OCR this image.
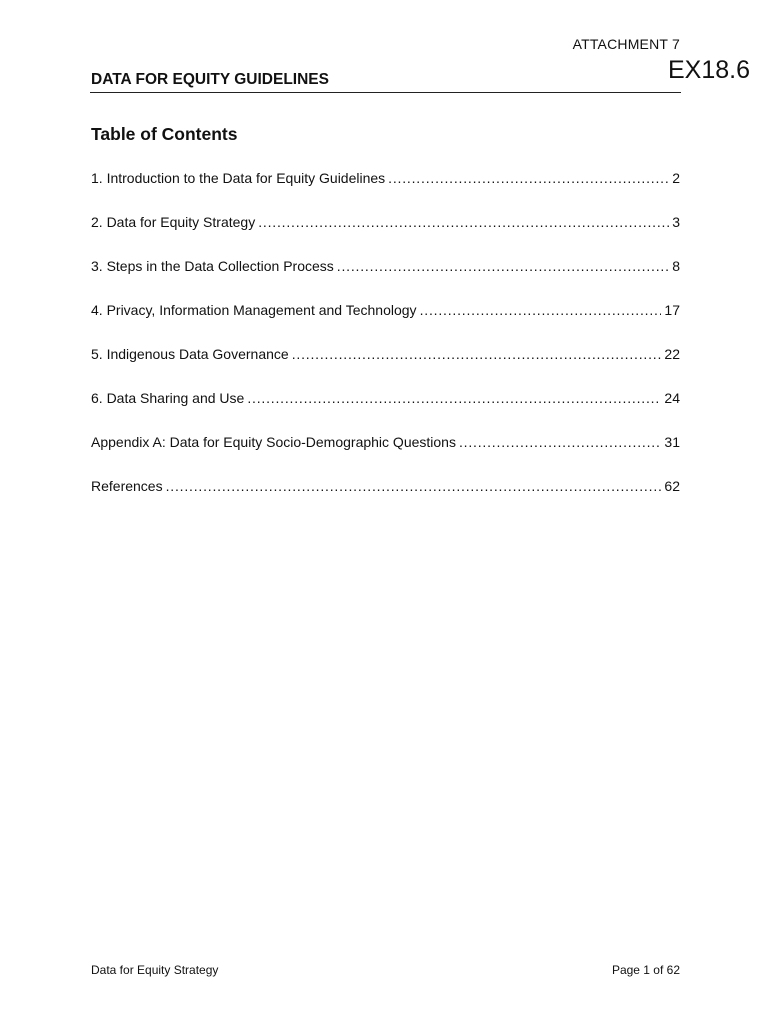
ATTACHMENT 7
EX18.6
DATA FOR EQUITY GUIDELINES
Table of Contents
1. Introduction to the Data for Equity Guidelines .....	2
2. Data for Equity Strategy .....	3
3. Steps in the Data Collection Process .....	8
4. Privacy, Information Management and Technology .....	17
5. Indigenous Data Governance .....	22
6. Data Sharing and Use .....	24
Appendix A: Data for Equity Socio-Demographic Questions .....	31
References .....	62
Data for Equity Strategy	Page 1 of 62
